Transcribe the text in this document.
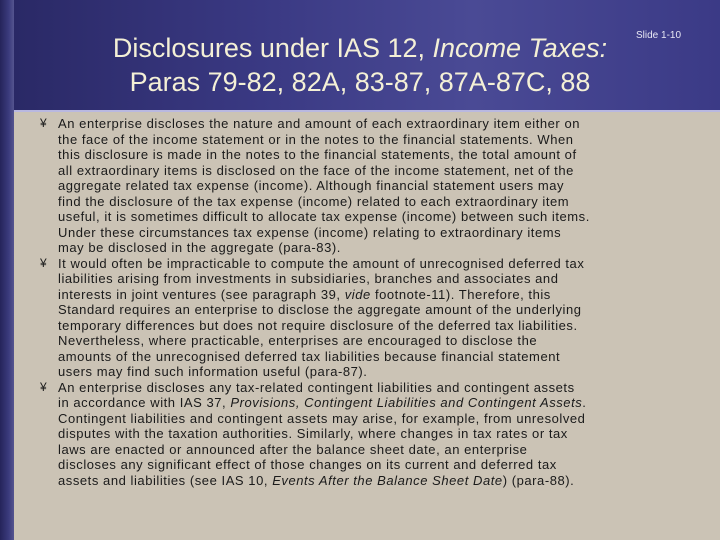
Slide 1-10
Disclosures under IAS 12, Income Taxes:
Paras 79-82, 82A, 83-87, 87A-87C, 88
¥ An enterprise discloses the nature and amount of each extraordinary item either on
the face of the income statement or in the notes to the financial statements. When
this disclosure is made in the notes to the financial statements, the total amount of
all extraordinary items is disclosed on the face of the income statement, net of the
aggregate related tax expense (income). Although financial statement users may
find the disclosure of the tax expense (income) related to each extraordinary item
useful, it is sometimes difficult to allocate tax expense (income) between such items.
Under these circumstances tax expense (income) relating to extraordinary items
may be disclosed in the aggregate (para-83).
¥ It would often be impracticable to compute the amount of unrecognised deferred tax
liabilities arising from investments in subsidiaries, branches and associates and
interests in joint ventures (see paragraph 39, vide footnote-11). Therefore, this
Standard requires an enterprise to disclose the aggregate amount of the underlying
temporary differences but does not require disclosure of the deferred tax liabilities.
Nevertheless, where practicable, enterprises are encouraged to disclose the
amounts of the unrecognised deferred tax liabilities because financial statement
users may find such information useful (para-87).
¥ An enterprise discloses any tax-related contingent liabilities and contingent assets
in accordance with IAS 37, Provisions, Contingent Liabilities and Contingent Assets.
Contingent liabilities and contingent assets may arise, for example, from unresolved
disputes with the taxation authorities. Similarly, where changes in tax rates or tax
laws are enacted or announced after the balance sheet date, an enterprise
discloses any significant effect of those changes on its current and deferred tax
assets and liabilities (see IAS 10, Events After the Balance Sheet Date) (para-88).
